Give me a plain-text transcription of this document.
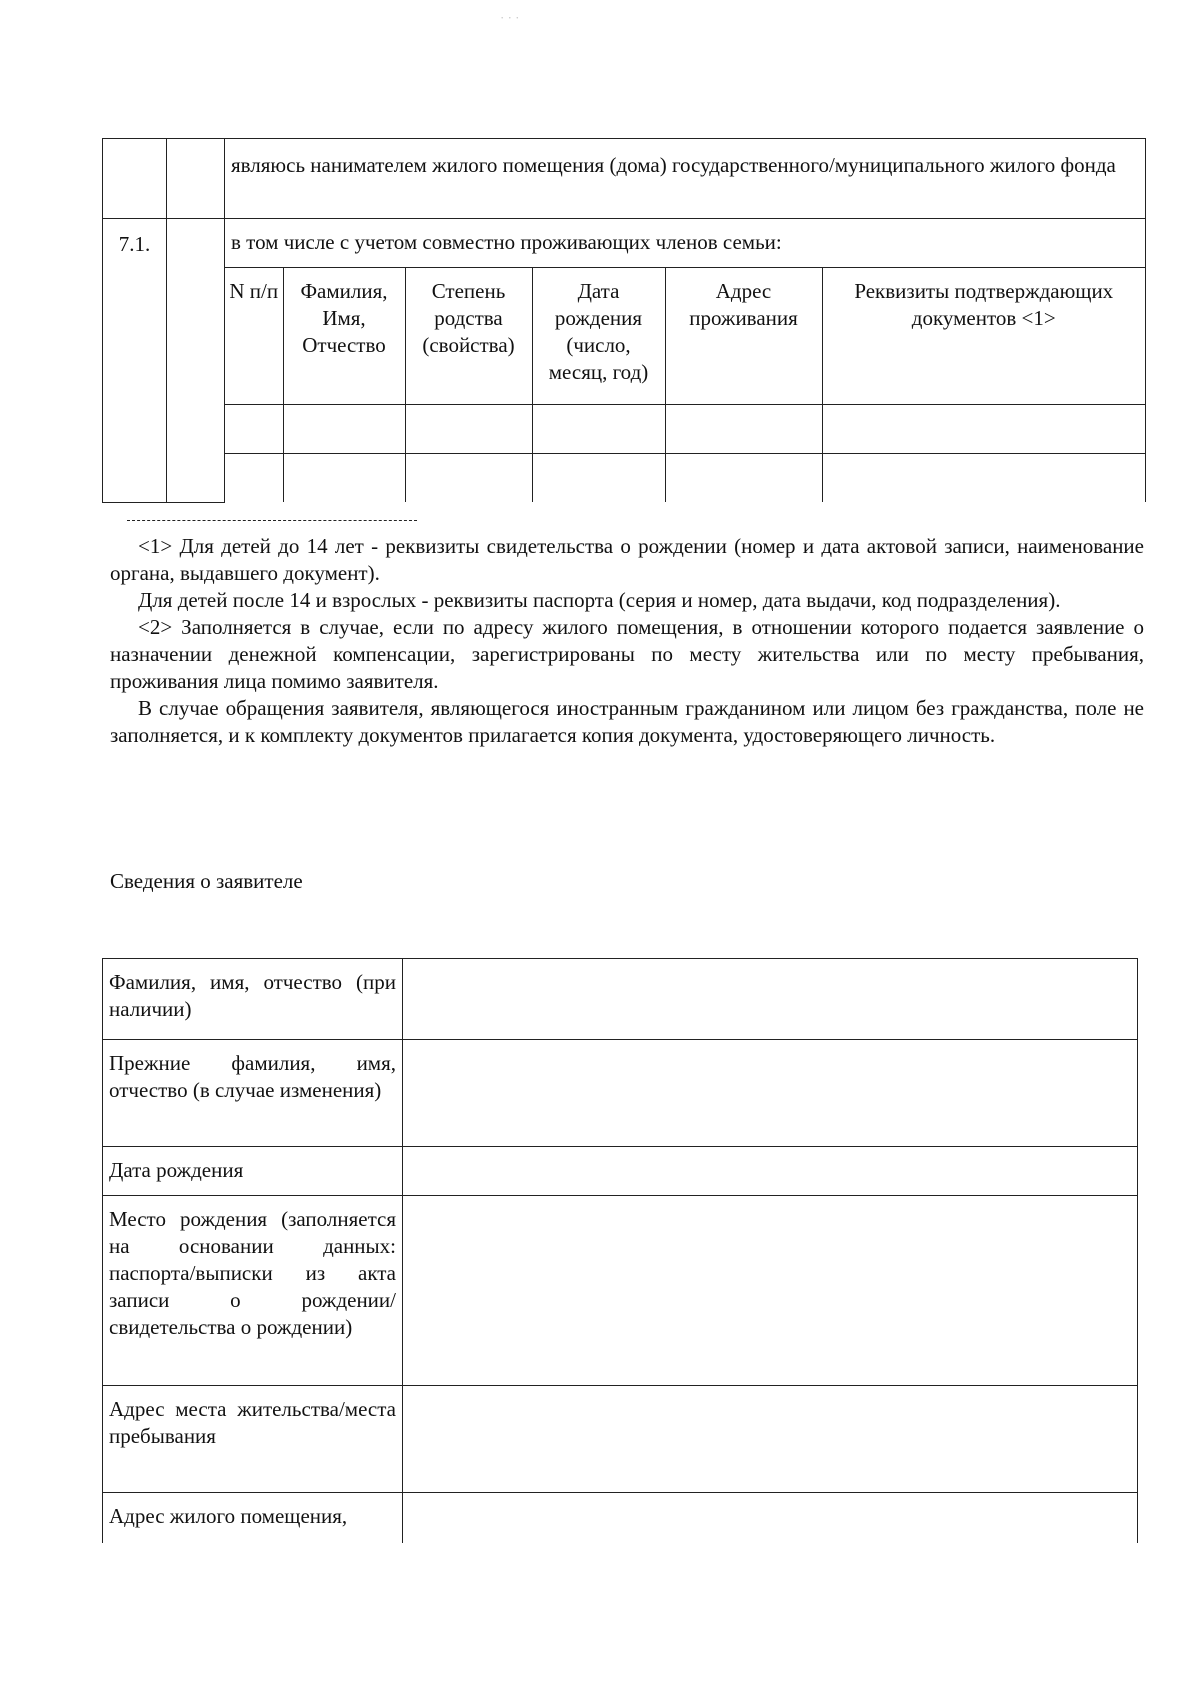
· · ·
		являюсь нанимателем жилого помещения (дома) государственного/муниципального жилого фонда
7.1.		в том числе с учетом совместно проживающих членов семьи:

N п/п	Фамилия, Имя, Отчество	Степень родства (свойства)	Дата рождения (число, месяц, год)	Адрес проживания	Реквизиты подтверждающих документов <1>

<1> Для детей до 14 лет - реквизиты свидетельства о рождении (номер и дата актовой записи, наименование органа, выдавшего документ).

Для детей после 14 и взрослых - реквизиты паспорта (серия и номер, дата выдачи, код подразделения).

<2> Заполняется в случае, если по адресу жилого помещения, в отношении которого подается заявление о назначении денежной компенсации, зарегистрированы по месту жительства или по месту пребывания, проживания лица помимо заявителя.

В случае обращения заявителя, являющегося иностранным гражданином или лицом без гражданства, поле не заполняется, и к комплекту документов прилагается копия документа, удостоверяющего личность.

Сведения о заявителе
Фамилия, имя, отчество (при наличии)	
Прежние фамилия, имя, отчество (в случае изменения)	
Дата рождения	
Место рождения (заполняется на основании данных: паспорта/выписки из акта записи о рождении/свидетельства о рождении)	
Адрес места жительства/места пребывания	
Адрес жилого помещения,	
